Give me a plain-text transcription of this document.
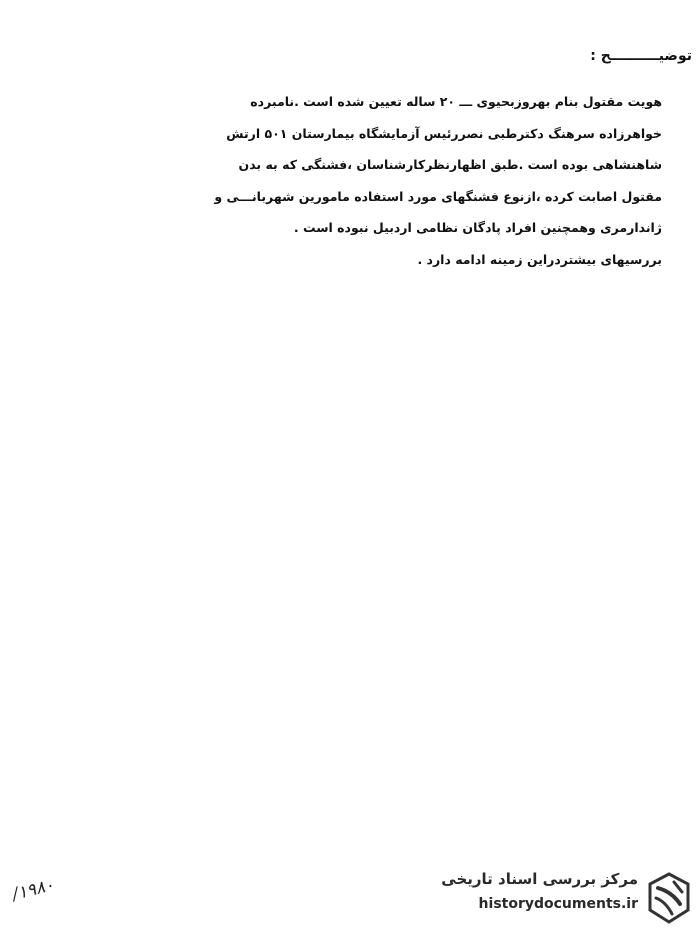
توضیــــــــــح :
هویت مقتول بنام بهروزبحیوی ـــ ۲۰ ساله تعیین شده است .نامبرده
خواهرزاده سرهنگ دکترطبی نصررئیس آزمایشگاه بیمارستان ۵۰۱ ارتش
شاهنشاهی بوده است .طبق اظهارنظرکارشناسان ،فشنگی که به بدن
مقتول اصابت کرده ،ازنوع فشنگهای مورد استفاده مامورین شهربانـــی و
ژاندارمری وهمچنین افراد پادگان نظامی اردبیل نبوده است .
بررسیهای بیشتردراین زمینه ادامه دارد .
۱۹۸۰/	مرکز بررسی اسناد تاریخی
historydocuments.ir
